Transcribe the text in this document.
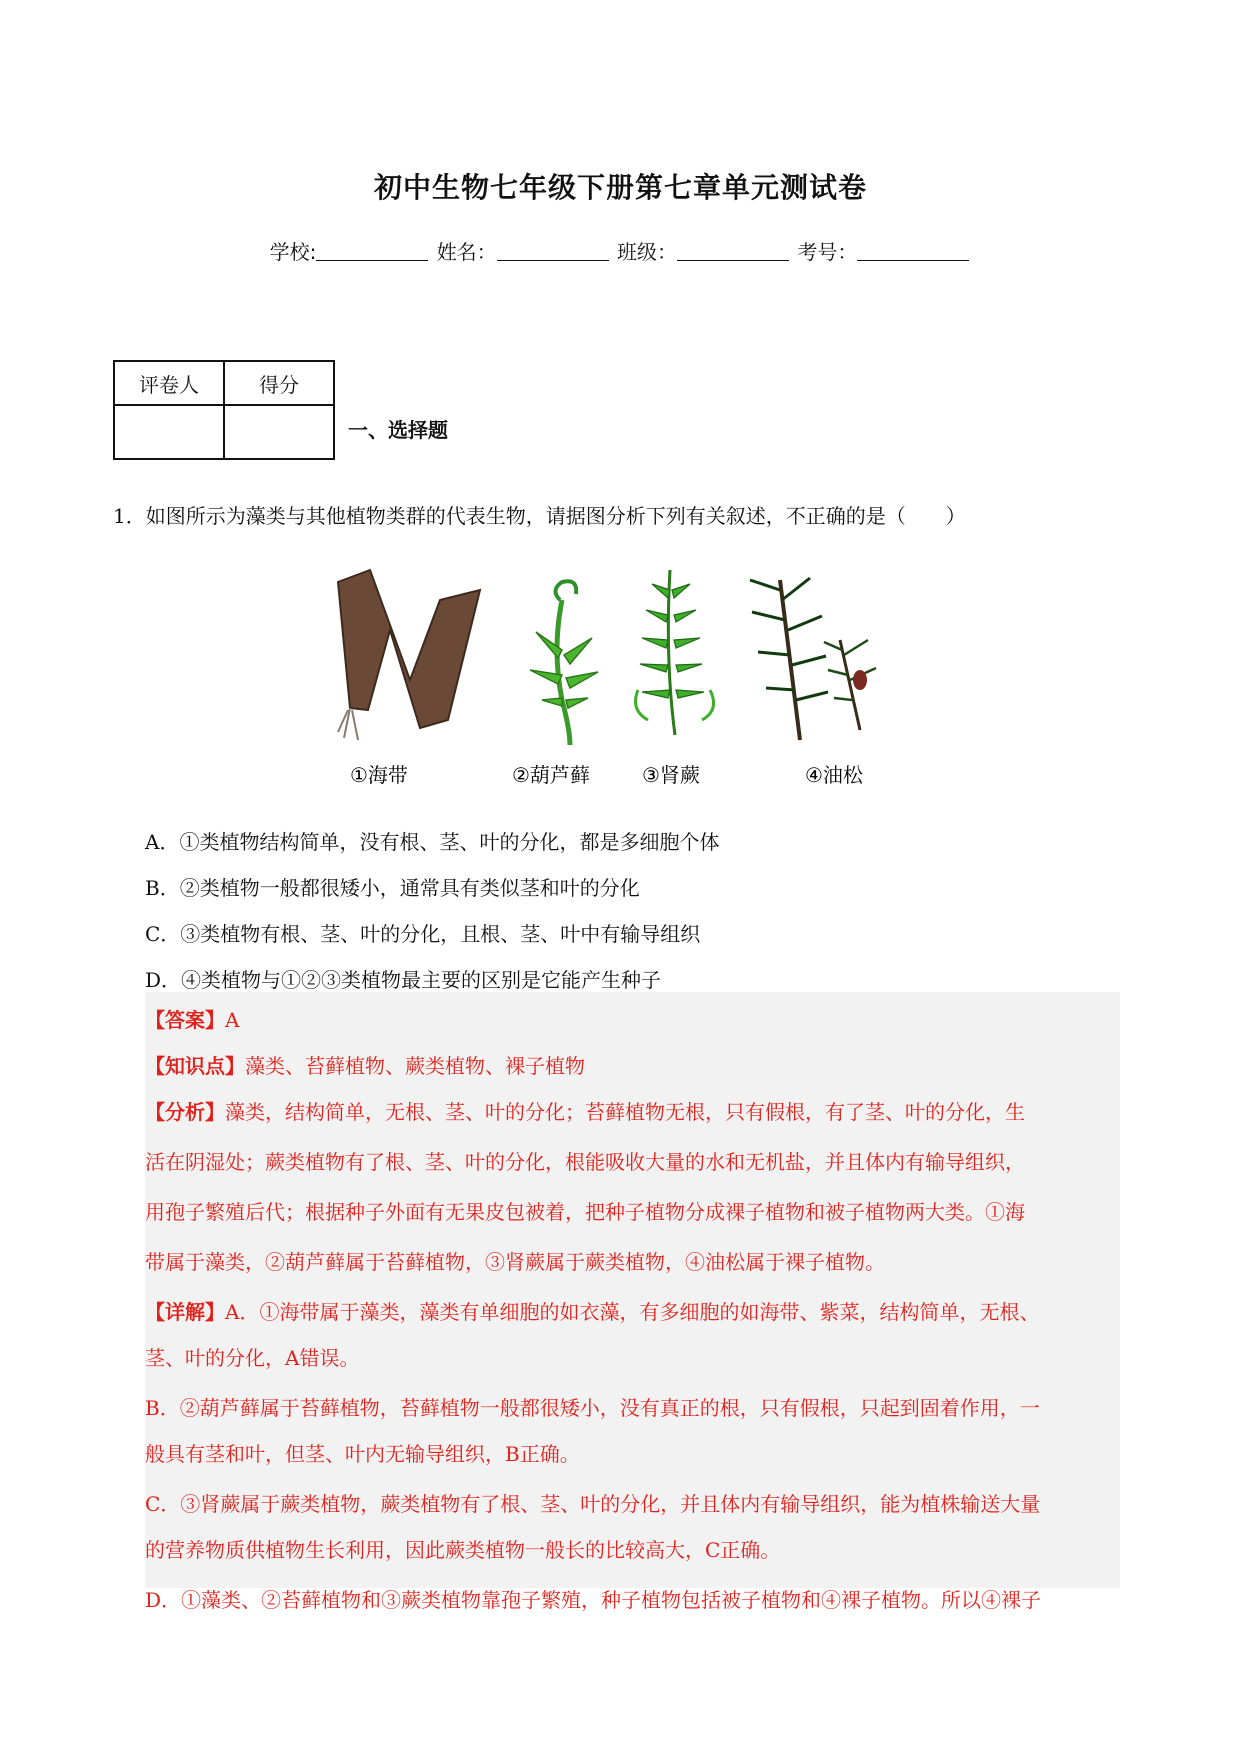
初中生物七年级下册第七章单元测试卷
学校:	姓名：	班级：	考号：
评卷人	得分

一、选择题
1．如图所示为藻类与其他植物类群的代表生物，请据图分析下列有关叙述，不正确的是（　　）
①海带	②葫芦藓	③肾蕨	④油松
A．①类植物结构简单，没有根、茎、叶的分化，都是多细胞个体
B．②类植物一般都很矮小，通常具有类似茎和叶的分化
C．③类植物有根、茎、叶的分化，且根、茎、叶中有输导组织
D．④类植物与①②③类植物最主要的区别是它能产生种子
【答案】A
【知识点】藻类、苔藓植物、蕨类植物、裸子植物
【分析】藻类，结构简单，无根、茎、叶的分化；苔藓植物无根，只有假根，有了茎、叶的分化，生
活在阴湿处；蕨类植物有了根、茎、叶的分化，根能吸收大量的水和无机盐，并且体内有输导组织，
用孢子繁殖后代；根据种子外面有无果皮包被着，把种子植物分成裸子植物和被子植物两大类。①海
带属于藻类，②葫芦藓属于苔藓植物，③肾蕨属于蕨类植物，④油松属于裸子植物。
【详解】A．①海带属于藻类，藻类有单细胞的如衣藻，有多细胞的如海带、紫菜，结构简单，无根、
茎、叶的分化，A错误。
B．②葫芦藓属于苔藓植物，苔藓植物一般都很矮小，没有真正的根，只有假根，只起到固着作用，一
般具有茎和叶，但茎、叶内无输导组织，B正确。
C．③肾蕨属于蕨类植物，蕨类植物有了根、茎、叶的分化，并且体内有输导组织，能为植株输送大量
的营养物质供植物生长利用，因此蕨类植物一般长的比较高大，C正确。
D．①藻类、②苔藓植物和③蕨类植物靠孢子繁殖，种子植物包括被子植物和④裸子植物。所以④裸子
